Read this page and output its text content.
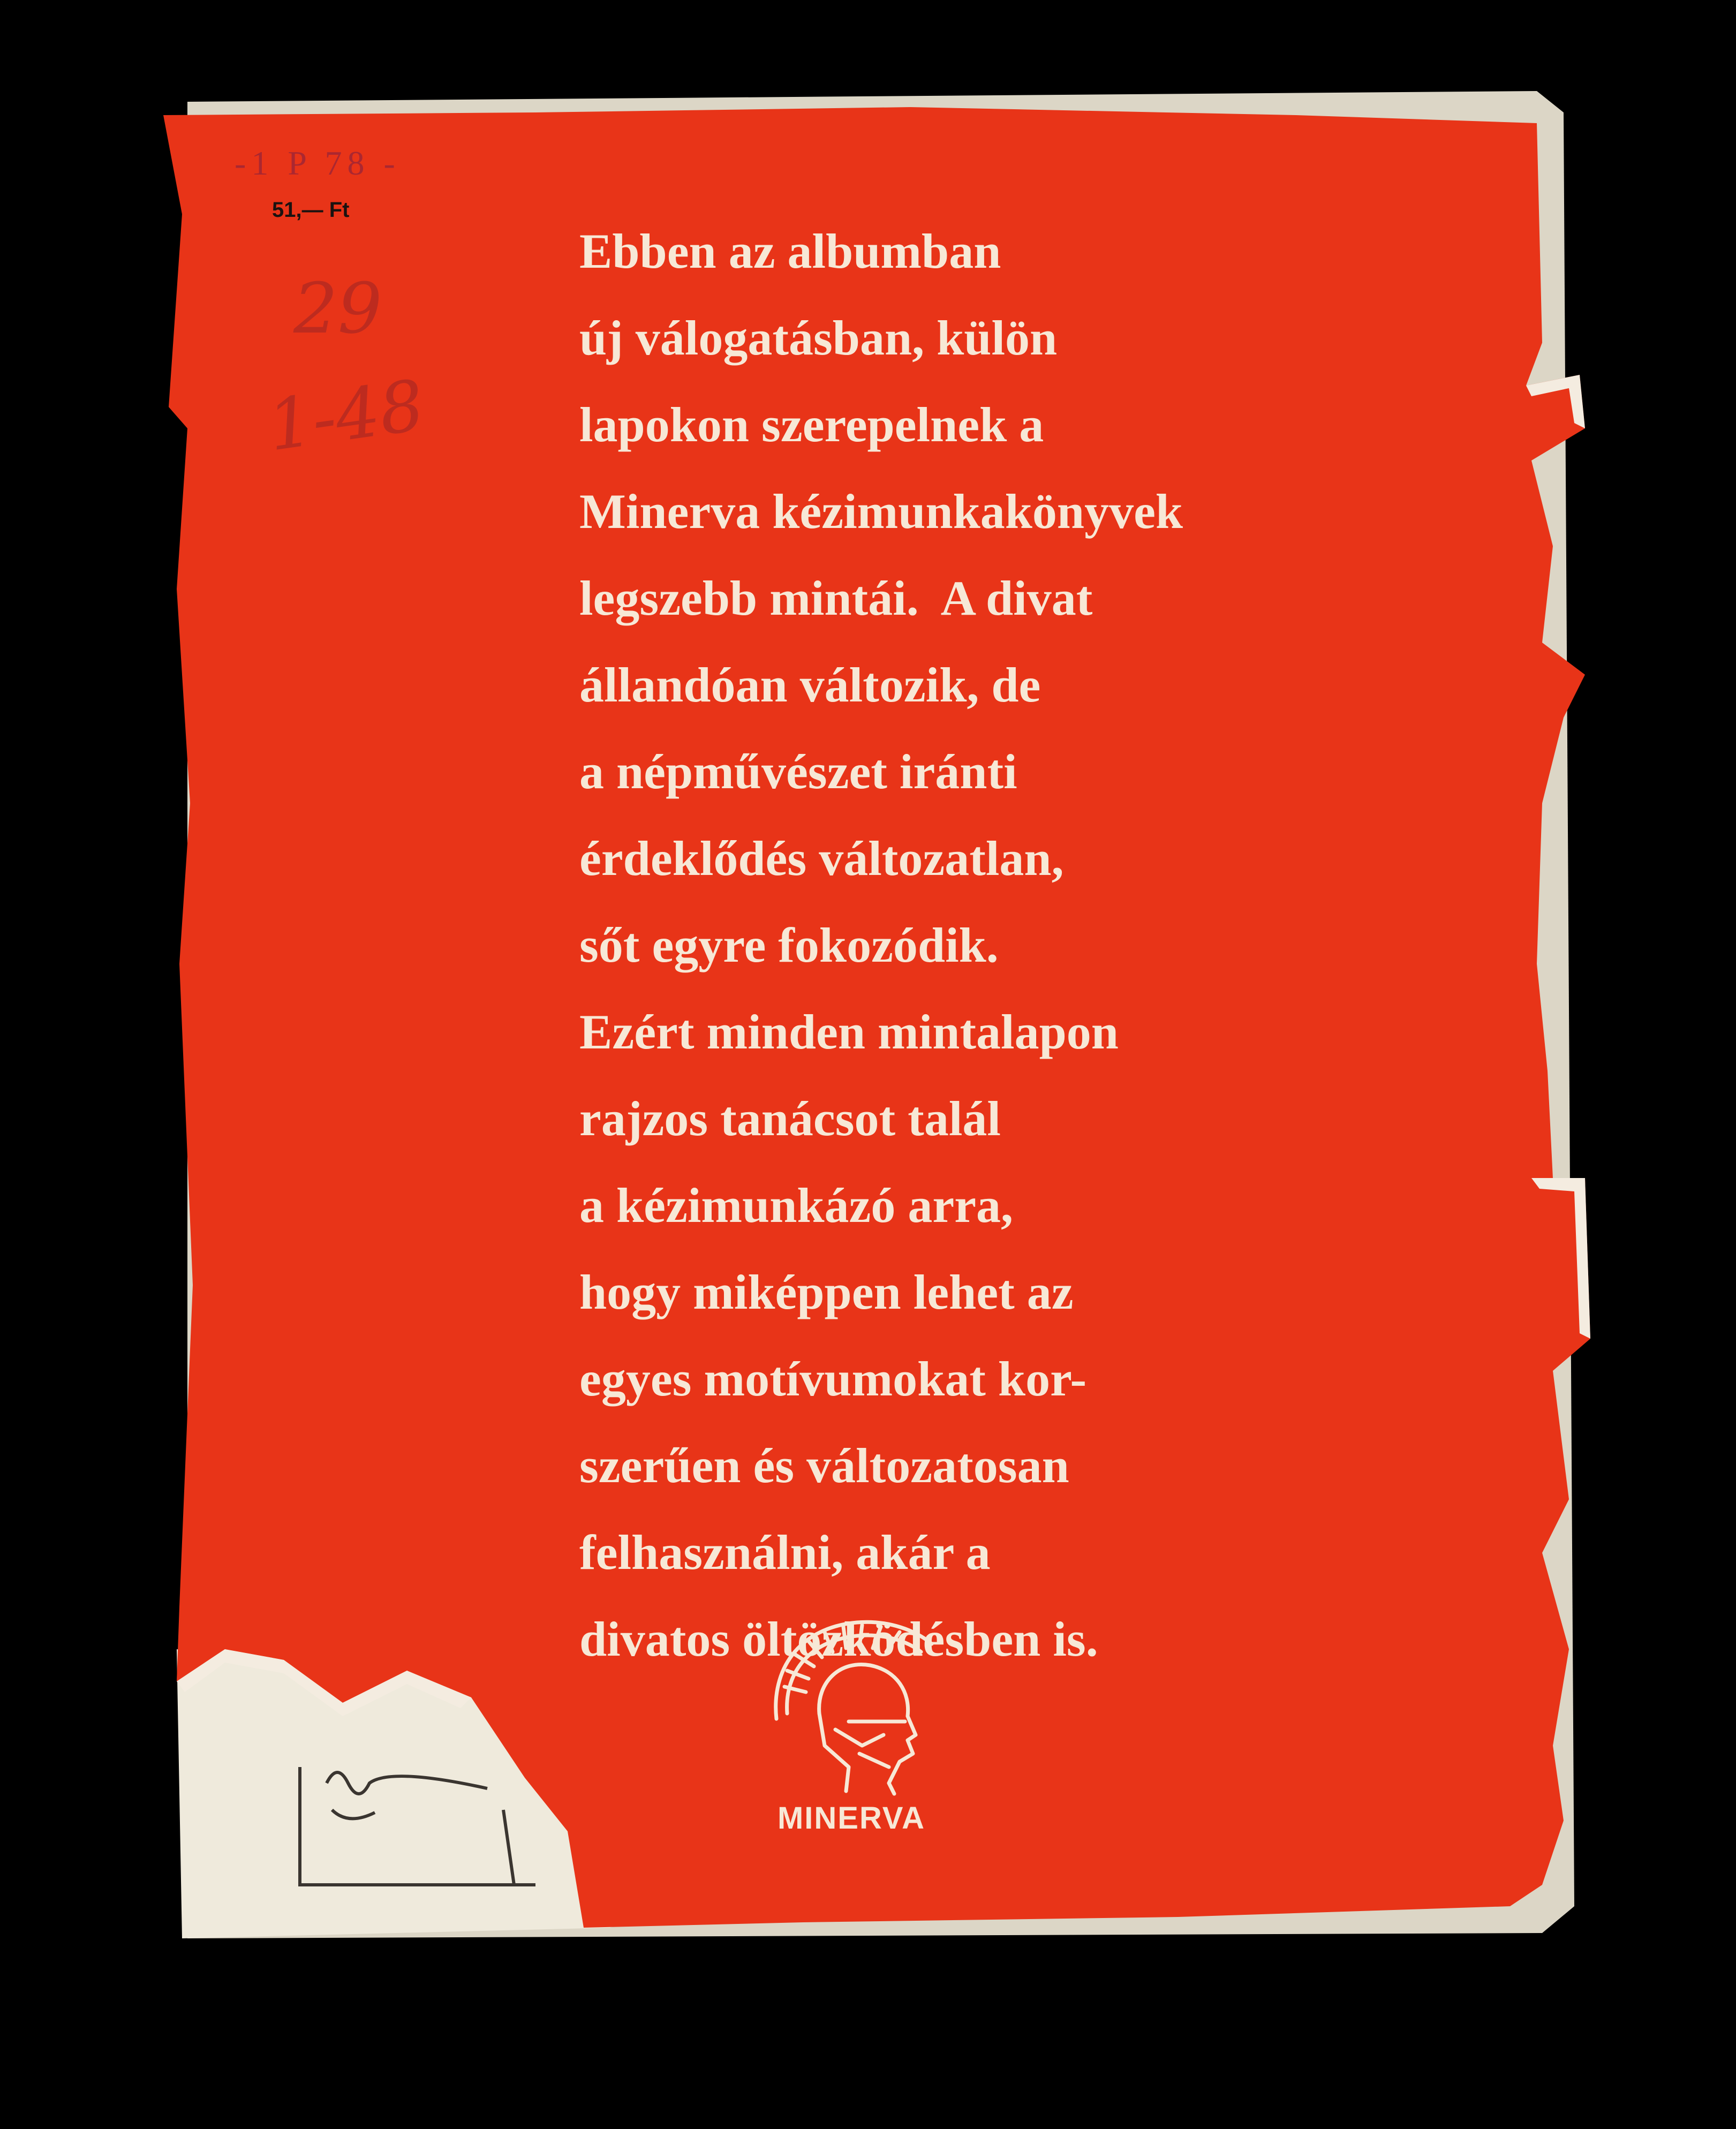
-1 P 78 -
51,— Ft
29
1-48
Ebben az albumban
új válogatásban, külön
lapokon szerepelnek a
Minerva kézimunkakönyvek
legszebb mintái.  A divat
állandóan változik, de
a népművészet iránti
érdeklődés változatlan,
sőt egyre fokozódik.
Ezért minden mintalapon
rajzos tanácsot talál
a kézimunkázó arra,
hogy miképpen lehet az
egyes motívumokat kor-
szerűen és változatosan
felhasználni, akár a
divatos öltözködésben is.
MINERVA
